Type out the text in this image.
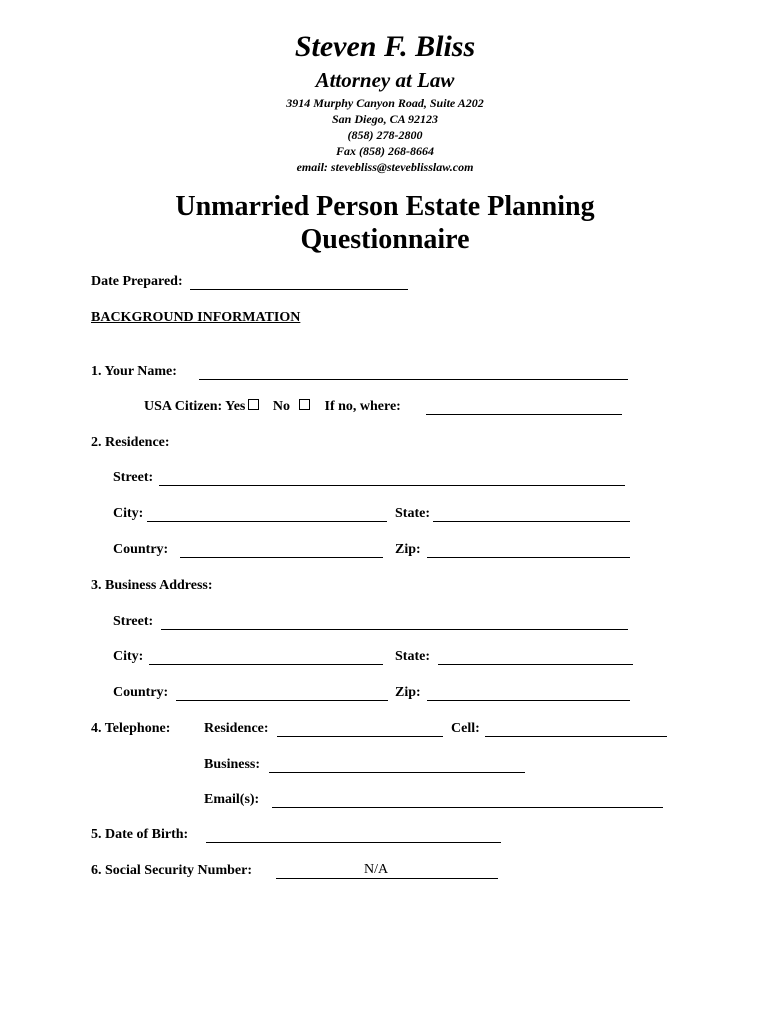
Steven F. Bliss
Attorney at Law
3914 Murphy Canyon Road, Suite A202
San Diego, CA 92123
(858) 278-2800
Fax (858) 268-8664
email: stevebliss@steveblisslaw.com
Unmarried Person Estate Planning
Questionnaire
Date Prepared:
BACKGROUND INFORMATION
1. Your Name:
USA Citizen: Yes No If no, where:
2. Residence:
Street:
City:	State:
Country:	Zip:
3. Business Address:
Street:
City:	State:
Country:	Zip:
4. Telephone: Residence:	Cell:
Business:
Email(s):
5. Date of Birth:
6. Social Security Number:	N/A
